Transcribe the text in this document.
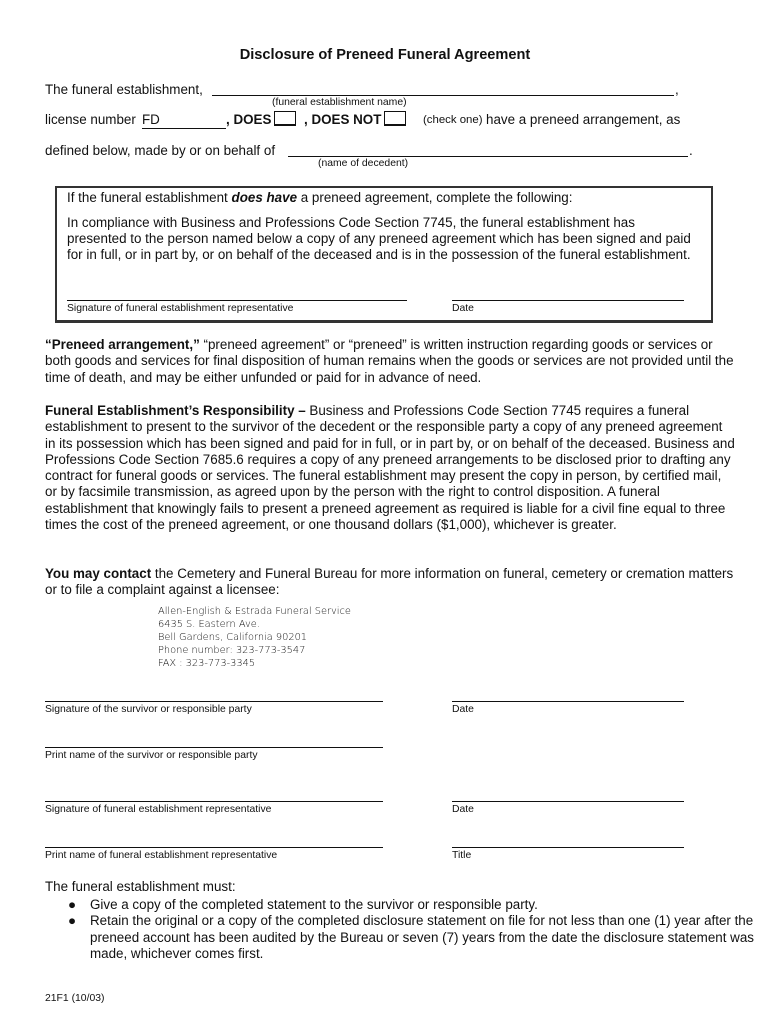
Disclosure of Preneed Funeral Agreement
The funeral establishment,	,
(funeral establishment name)
license number FD	, DOES	, DOES NOT	(check one) have a preneed arrangement, as
defined below, made by or on behalf of	.
(name of decedent)
If the funeral establishment does have a preneed agreement, complete the following:
In compliance with Business and Professions Code Section 7745, the funeral establishment has presented to the person named below a copy of any preneed agreement which has been signed and paid for in full, or in part by, or on behalf of the deceased and is in the possession of the funeral establishment.
Signature of funeral establishment representative	Date
“Preneed arrangement,” “preneed agreement” or “preneed” is written instruction regarding goods or services or both goods and services for final disposition of human remains when the goods or services are not provided until the time of death, and may be either unfunded or paid for in advance of need.
Funeral Establishment’s Responsibility – Business and Professions Code Section 7745 requires a funeral establishment to present to the survivor of the decedent or the responsible party a copy of any preneed agreement in its possession which has been signed and paid for in full, or in part by, or on behalf of the deceased. Business and Professions Code Section 7685.6 requires a copy of any preneed arrangements to be disclosed prior to drafting any contract for funeral goods or services. The funeral establishment may present the copy in person, by certified mail, or by facsimile transmission, as agreed upon by the person with the right to control disposition. A funeral establishment that knowingly fails to present a preneed agreement as required is liable for a civil fine equal to three times the cost of the preneed agreement, or one thousand dollars ($1,000), whichever is greater.
You may contact the Cemetery and Funeral Bureau for more information on funeral, cemetery or cremation matters or to file a complaint against a licensee:
Allen-English & Estrada Funeral Service
6435 S. Eastern Ave.
Bell Gardens, California 90201
Phone number: 323-773-3547
FAX : 323-773-3345
Signature of the survivor or responsible party	Date
Print name of the survivor or responsible party
Signature of funeral establishment representative	Date
Print name of funeral establishment representative	Title
The funeral establishment must:
● Give a copy of the completed statement to the survivor or responsible party.
● Retain the original or a copy of the completed disclosure statement on file for not less than one (1) year after the preneed account has been audited by the Bureau or seven (7) years from the date the disclosure statement was made, whichever comes first.
21F1 (10/03)
